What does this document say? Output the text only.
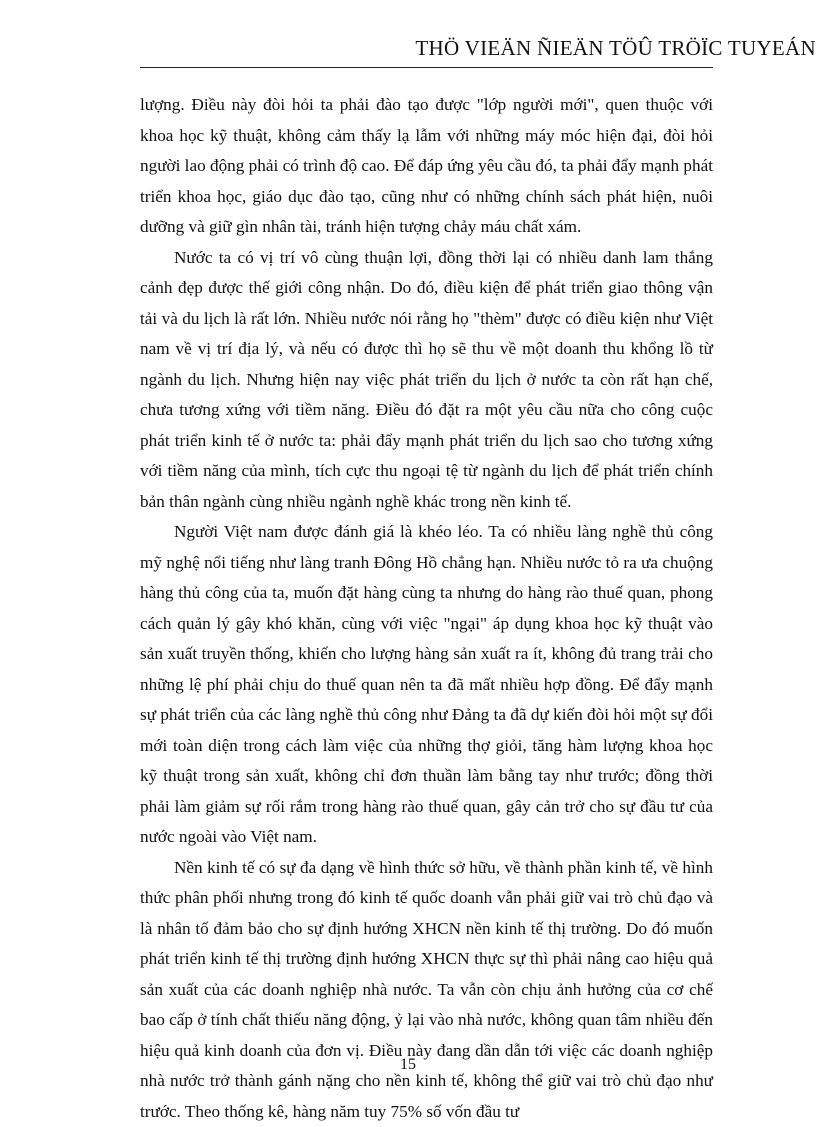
THÖ VIEÄN ÑIEÄN TÖÛ TRÖÏC TUYEÁN

lượng. Điều này đòi hỏi ta phải đào tạo được "lớp người mới", quen thuộc với khoa học kỹ thuật, không cảm thấy lạ lẫm với những máy móc hiện đại, đòi hỏi người lao động phải có trình độ cao. Để đáp ứng yêu cầu đó, ta phải đẩy mạnh phát triển khoa học, giáo dục đào tạo, cũng như có những chính sách phát hiện, nuôi dưỡng và giữ gìn nhân tài, tránh hiện tượng chảy máu chất xám.

Nước ta có vị trí vô cùng thuận lợi, đồng thời lại có nhiều danh lam thắng cảnh đẹp được thế giới công nhận. Do đó, điều kiện để phát triển giao thông vận tải và du lịch là rất lớn. Nhiều nước nói rằng họ "thèm" được có điều kiện như Việt nam về vị trí địa lý, và nếu có được thì họ sẽ thu về một doanh thu khổng lồ từ ngành du lịch. Nhưng hiện nay việc phát triển du lịch ở nước ta còn rất hạn chế, chưa tương xứng với tiềm năng. Điều đó đặt ra một yêu cầu nữa cho công cuộc phát triển kinh tế ở nước ta: phải đẩy mạnh phát triển du lịch sao cho tương xứng với tiềm năng của mình, tích cực thu ngoại tệ từ ngành du lịch để phát triển chính bản thân ngành cùng nhiều ngành nghề khác trong nền kinh tế.

Người Việt nam được đánh giá là khéo léo. Ta có nhiều làng nghề thủ công mỹ nghệ nổi tiếng như làng tranh Đông Hồ chẳng hạn. Nhiều nước tỏ ra ưa chuộng hàng thủ công của ta, muốn đặt hàng cùng ta nhưng do hàng rào thuế quan, phong cách quản lý gây khó khăn, cùng với việc "ngại" áp dụng khoa học kỹ thuật vào sản xuất truyền thống, khiến cho lượng hàng sản xuất ra ít, không đủ trang trải cho những lệ phí phải chịu do thuế quan nên ta đã mất nhiều hợp đồng. Để đẩy mạnh sự phát triển của các làng nghề thủ công như Đảng ta đã dự kiến đòi hỏi một sự đổi mới toàn diện trong cách làm việc của những thợ giỏi, tăng hàm lượng khoa học kỹ thuật trong sản xuất, không chỉ đơn thuần làm bằng tay như trước; đồng thời phải làm giảm sự rối rắm trong hàng rào thuế quan, gây cản trở cho sự đầu tư của nước ngoài vào Việt nam.

Nền kinh tế có sự đa dạng về hình thức sở hữu, về thành phần kinh tế, về hình thức phân phối nhưng trong đó kinh tế quốc doanh vẫn phải giữ vai trò chủ đạo và là nhân tố đảm bảo cho sự định hướng XHCN nền kinh tế thị trường. Do đó muốn phát triển kinh tế thị trường định hướng XHCN thực sự thì phải nâng cao hiệu quả sản xuất của các doanh nghiệp nhà nước. Ta vẫn còn chịu ảnh hưởng của cơ chế bao cấp ở tính chất thiếu năng động, ỷ lại vào nhà nước, không quan tâm nhiều đến hiệu quả kinh doanh của đơn vị. Điều này đang dần dẫn tới việc các doanh nghiệp nhà nước trở thành gánh nặng cho nền kinh tế, không thể giữ vai trò chủ đạo như trước. Theo thống kê, hàng năm tuy 75% số vốn đầu tư

15
